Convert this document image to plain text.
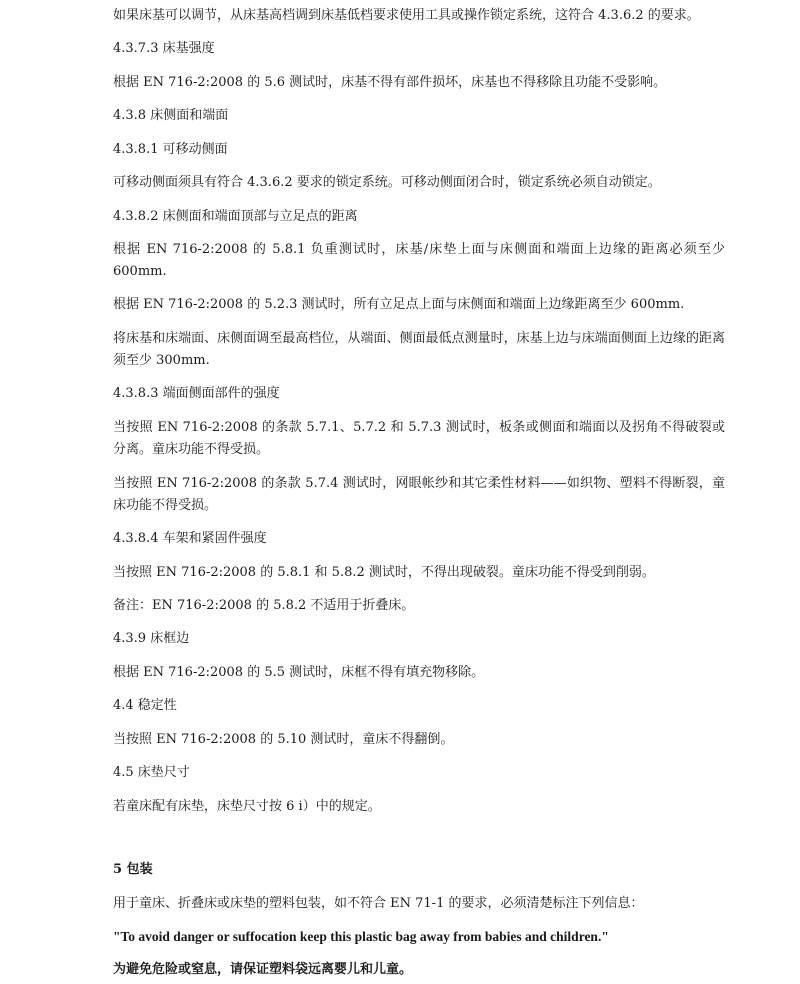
如果床基可以调节，从床基高档调到床基低档要求使用工具或操作锁定系统，这符合 4.3.6.2 的要求。
4.3.7.3 床基强度
根据 EN 716-2:2008 的 5.6 测试时，床基不得有部件损坏，床基也不得移除且功能不受影响。
4.3.8 床侧面和端面
4.3.8.1 可移动侧面
可移动侧面须具有符合 4.3.6.2 要求的锁定系统。可移动侧面闭合时，锁定系统必须自动锁定。
4.3.8.2 床侧面和端面顶部与立足点的距离
根据 EN 716-2:2008 的 5.8.1 负重测试时，床基/床垫上面与床侧面和端面上边缘的距离必须至少 600mm.
根据 EN 716-2:2008 的 5.2.3 测试时，所有立足点上面与床侧面和端面上边缘距离至少 600mm.
将床基和床端面、床侧面调至最高档位，从端面、侧面最低点测量时，床基上边与床端面侧面上边缘的距离须至少 300mm.
4.3.8.3 端面侧面部件的强度
当按照 EN 716-2:2008 的条款 5.7.1、5.7.2 和 5.7.3 测试时，板条或侧面和端面以及拐角不得破裂或分离。童床功能不得受损。
当按照 EN 716-2:2008 的条款 5.7.4 测试时，网眼帐纱和其它柔性材料——如织物、塑料不得断裂，童床功能不得受损。
4.3.8.4 车架和紧固件强度
当按照 EN 716-2:2008 的 5.8.1 和 5.8.2 测试时，不得出现破裂。童床功能不得受到削弱。
备注：EN 716-2:2008 的 5.8.2 不适用于折叠床。
4.3.9 床框边
根据 EN 716-2:2008 的 5.5 测试时，床框不得有填充物移除。
4.4 稳定性
当按照 EN 716-2:2008 的 5.10 测试时，童床不得翻倒。
4.5 床垫尺寸
若童床配有床垫，床垫尺寸按 6 i）中的规定。
5 包装
用于童床、折叠床或床垫的塑料包装，如不符合 EN 71-1 的要求，必须清楚标注下列信息：
"To avoid danger or suffocation keep this plastic bag away from babies and children."
为避免危险或窒息，请保证塑料袋远离婴儿和儿童。
